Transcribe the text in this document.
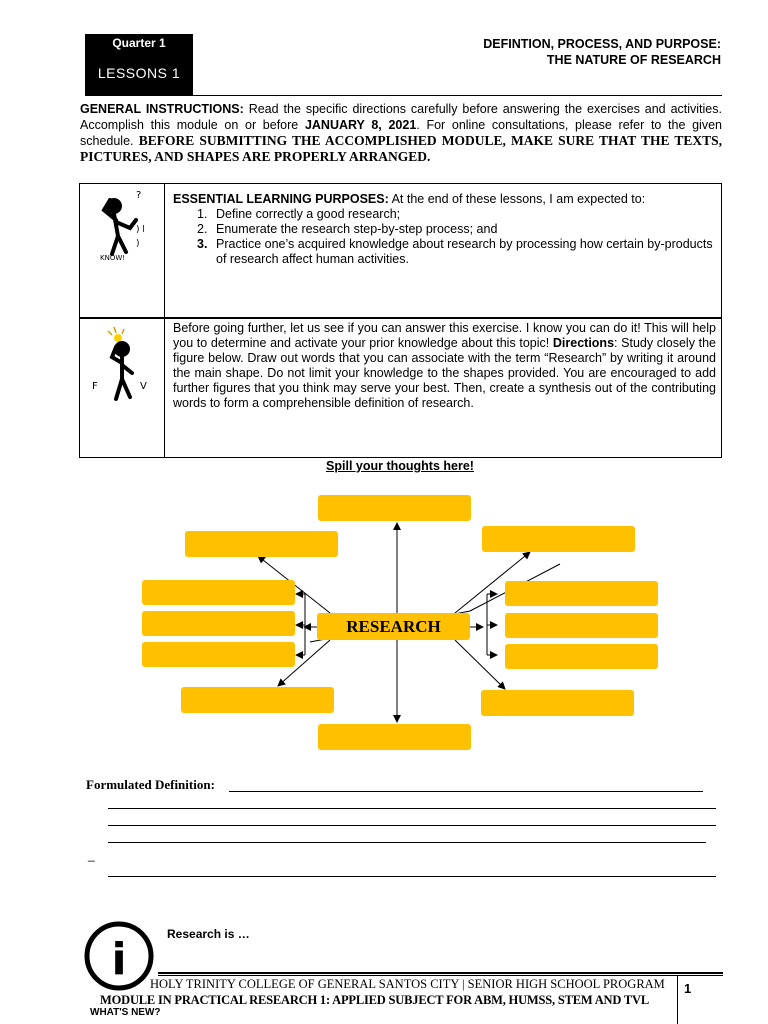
Quarter 1
LESSONS 1
DEFINTION, PROCESS, AND PURPOSE:
THE NATURE OF RESEARCH
GENERAL INSTRUCTIONS: Read the specific directions carefully before answering the exercises and activities. Accomplish this module on or before JANUARY 8, 2021. For online consultations, please refer to the given schedule. BEFORE SUBMITTING THE ACCOMPLISHED MODULE, MAKE SURE THAT THE TEXTS, PICTURES, AND SHAPES ARE PROPERLY ARRANGED.
?
) l
)
KNOW!
ESSENTIAL LEARNING PURPOSES: At the end of these lessons, I am expected to:
1. Define correctly a good research;
2. Enumerate the research step-by-step process; and
3. Practice one’s acquired knowledge about research by processing how certain by-products of research affect human activities.
F	V
Before going further, let us see if you can answer this exercise. I know you can do it! This will help you to determine and activate your prior knowledge about this topic! Directions: Study closely the figure below. Draw out words that you can associate with the term “Research” by writing it around the main shape. Do not limit your knowledge to the shapes provided. You are encouraged to add further figures that you think may serve your best. Then, create a synthesis out of the contributing words to form a comprehensible definition of research.
Spill your thoughts here!
RESEARCH
Formulated Definition:
_
i	Research is …
HOLY TRINITY COLLEGE OF GENERAL SANTOS CITY | SENIOR HIGH SCHOOL PROGRAM
MODULE IN PRACTICAL RESEARCH 1: APPLIED SUBJECT FOR ABM, HUMSS, STEM AND TVL
1
WHAT'S NEW?
